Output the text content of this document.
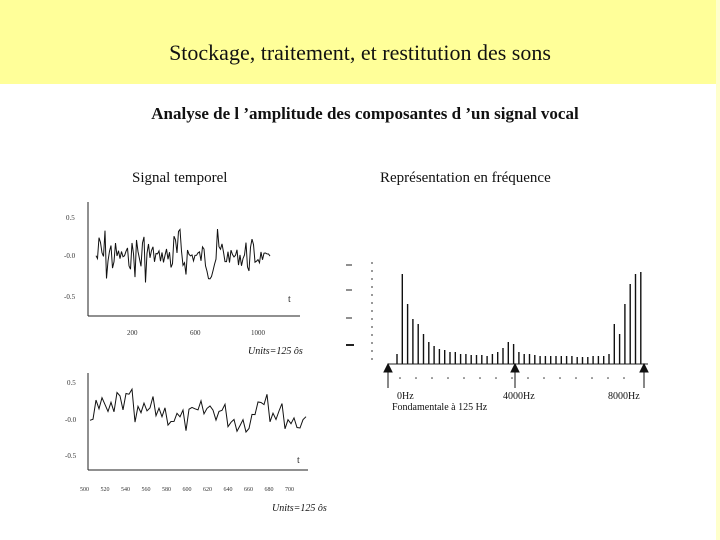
Stockage, traitement, et restitution des sons
Analyse de l ’amplitude des composantes d ’un signal vocal
Signal temporel	Représentation en fréquence
0.5
-0.0
-0.5
200	600	1000
t
Units=125 ôs
0.5
-0.0
-0.5	t
500 520 540 560 580 600 620 640 660 680 700
Units=125 ôs
0Hz	4000Hz	8000Hz
Fondamentale à 125 Hz
